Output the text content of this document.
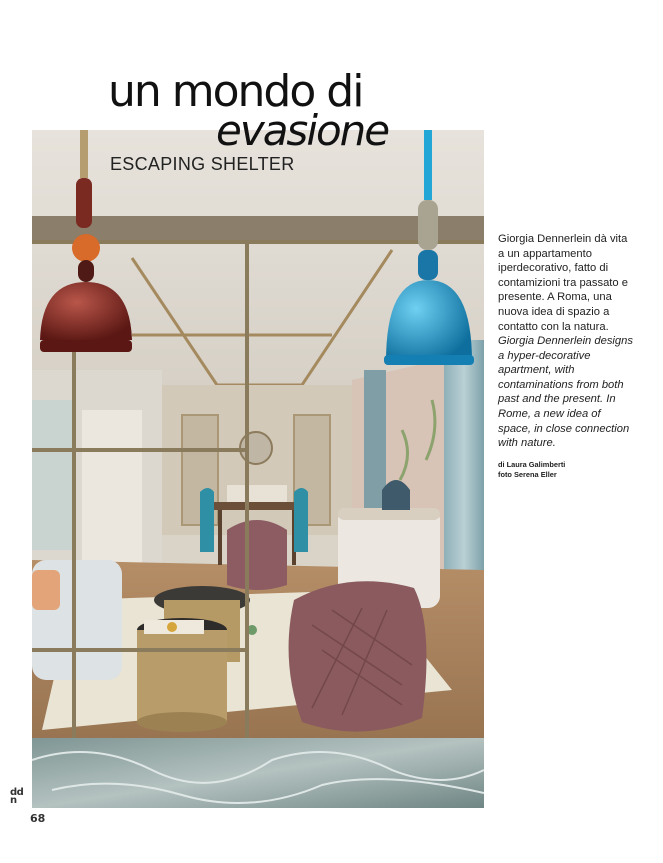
un mondo di
evasione
ESCAPING SHELTER
Giorgia Dennerlein dà vita a un appartamento iperdecorativo, fatto di contamizioni tra passato e presente. A Roma, una nuova idea di spazio a contatto con la natura.
Giorgia Dennerlein designs a hyper-decorative apartment, with contaminations from both past and the present. In Rome, a new idea of space, in close connection with nature.
di Laura Galimberti
foto Serena Eller
dd
n
68
